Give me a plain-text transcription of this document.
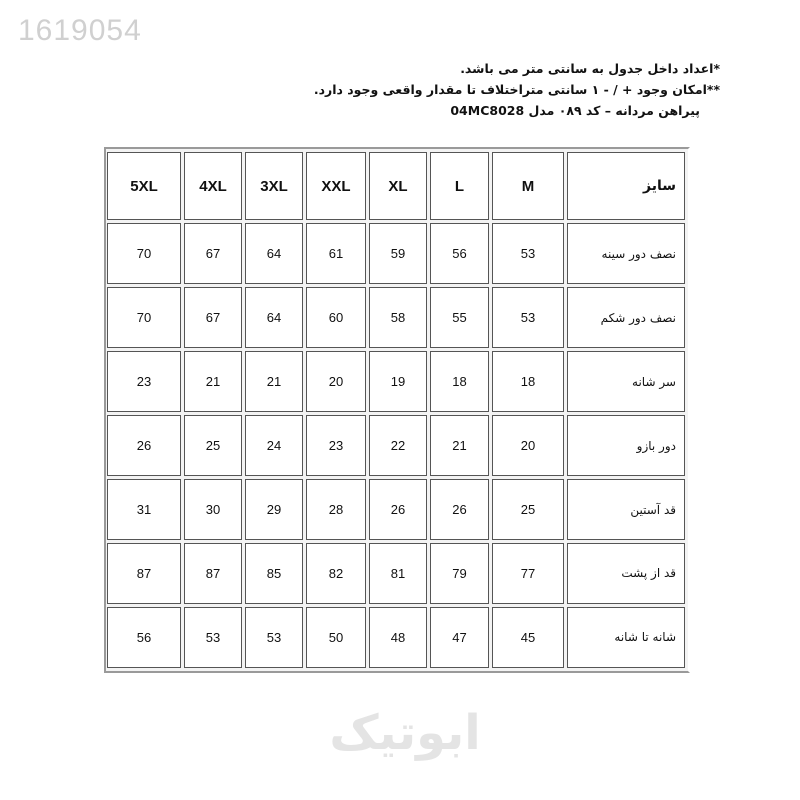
1619054
*اعداد داخل جدول به سانتی متر می باشد.
**امکان وجود + / - ۱ سانتی متراختلاف تا مقدار واقعی وجود دارد.
پیراهن مردانه – کد ۰۸۹ مدل 04MC8028
سایز	M	L	XL	XXL	3XL	4XL	5XL
نصف دور سینه	53	56	59	61	64	67	70
نصف دور شکم	53	55	58	60	64	67	70
سر شانه	18	18	19	20	21	21	23
دور بازو	20	21	22	23	24	25	26
قد آستین	25	26	26	28	29	30	31
قد از پشت	77	79	81	82	85	87	87
شانه تا شانه	45	47	48	50	53	53	56
ابوتیک
